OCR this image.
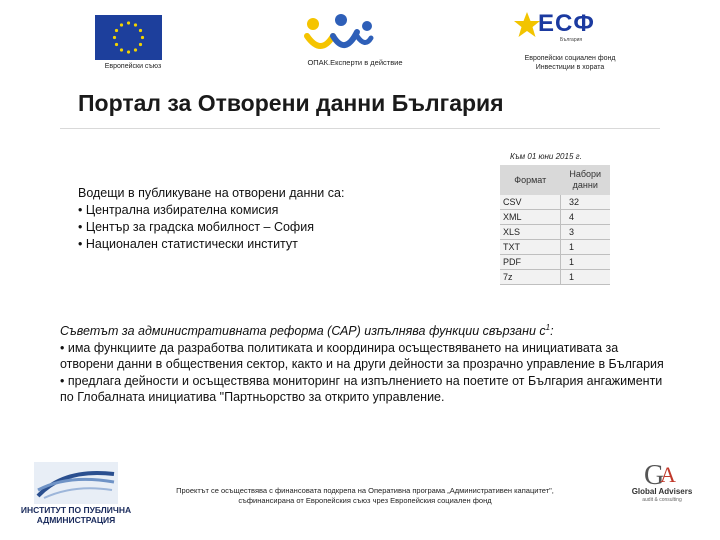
Европейски съюз	ОПАК.Експерти в действие
ЕСФ
България
Европейски социален фонд
Инвестиции в хората
Портал за Отворени данни България
Към 01 юни 2015 г.
Водещи в публикуване на отворени данни са:
• Централна избирателна комисия
• Център за градска мобилност – София
• Национален статистически институт
Формат	Набори данни
CSV	32
XML	4
XLS	3
TXT	1
PDF	1
7z	1
Съветът за административната реформа (САР) изпълнява функции свързани $с^1$:
• има функциите да разработва политиката и координира осъществяването на инициативата за отворени данни в обществения сектор, както и на други дейности за прозрачно управление в България
• предлага дейности и осъществява мониторинг на изпълнението на поетите от България ангажименти по Глобалната инициатива "Партньорство за открито управление.
ИНСТИТУТ ПО ПУБЛИЧНА АДМИНИСТРАЦИЯ
Проектът се осъществява с финансовата подкрепа на Оперативна програма „Административен капацитет", съфинансирана от Европейския съюз чрез Европейския социален фонд
G
A
Global Advisers
audit & consulting
